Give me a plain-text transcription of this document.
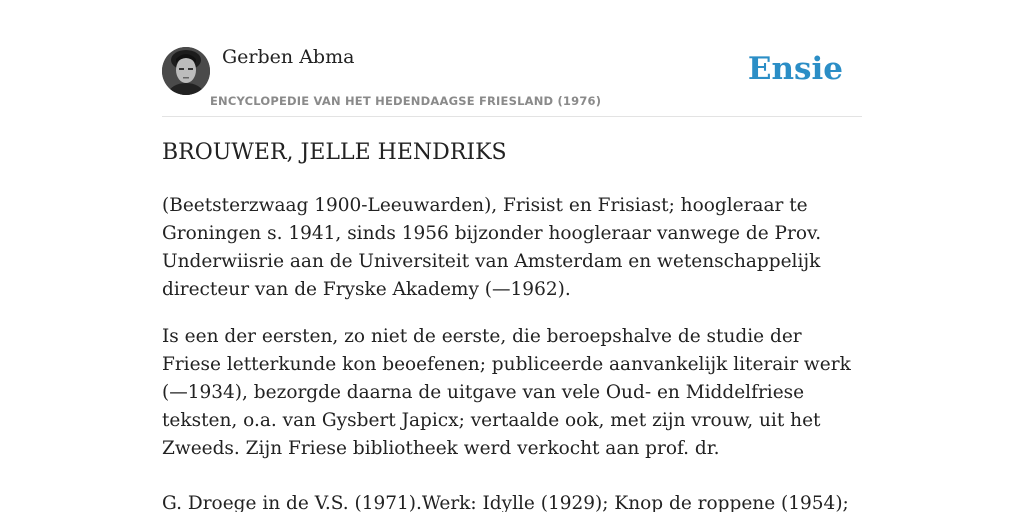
Gerben Abma
ENCYCLOPEDIE VAN HET HEDENDAAGSE FRIESLAND (1976)
Ensie
BROUWER, JELLE HENDRIKS

(Beetsterzwaag 1900-Leeuwarden), Frisist en Frisiast; hoogleraar te Groningen s. 1941, sinds 1956 bijzonder hoogleraar vanwege de Prov. Underwiisrie aan de Universiteit van Amsterdam en wetenschappelijk directeur van de Fryske Akademy (—1962).

Is een der eersten, zo niet de eerste, die beroepshalve de studie der Friese letterkunde kon beoefenen; publiceerde aanvankelijk literair werk (—1934), bezorgde daarna de uitgave van vele Oud- en Middelfriese teksten, o.a. van Gysbert Japicx; vertaalde ook, met zijn vrouw, uit het Zweeds. Zijn Friese bibliotheek werd verkocht aan prof. dr.

G. Droege in de V.S. (1971).Werk: Idylle (1929); Knop de roppene (1954);
